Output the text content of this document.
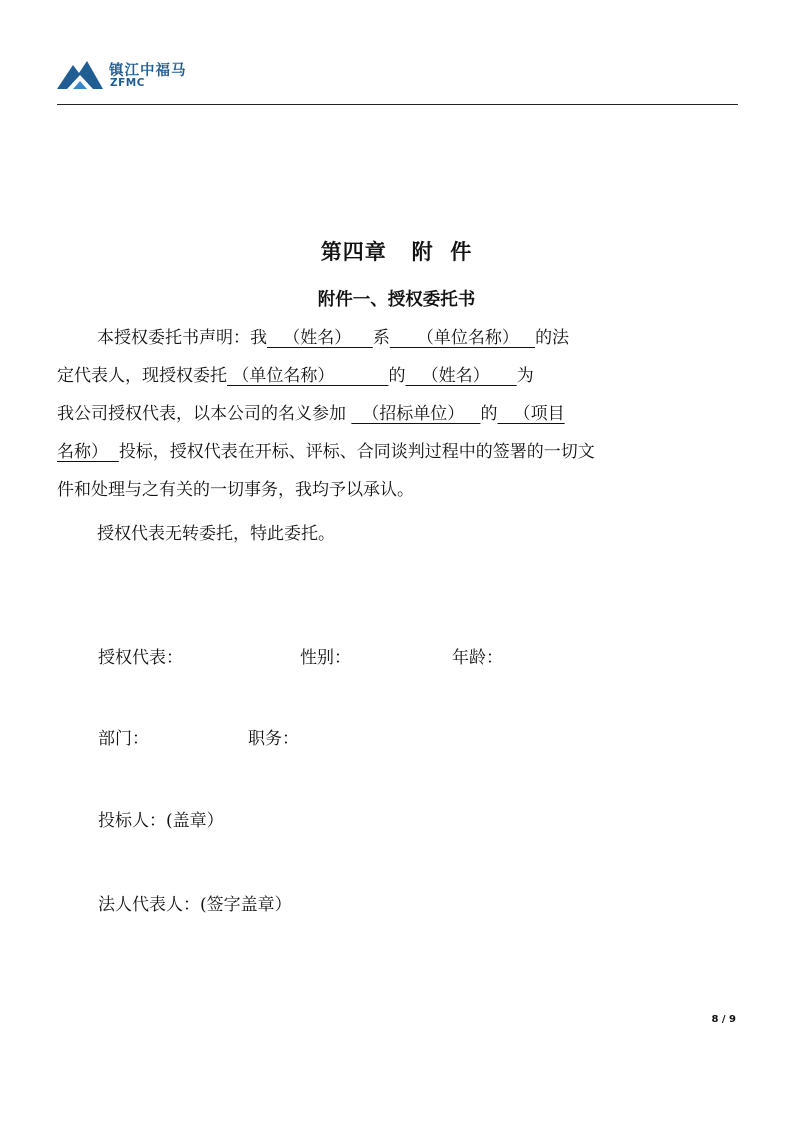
镇江中福马
ZFMC
第四章   附  件
附件一、授权委托书
本授权委托书声明：我   （姓名）    系     （单位名称）   的法
定代表人，现授权委托 （单位名称）          的   （姓名）     为
我公司授权代表，以本公司的名义参加   （招标单位）   的   （项目
名称）  投标，授权代表在开标、评标、合同谈判过程中的签署的一切文
件和处理与之有关的一切事务，我均予以承认。
授权代表无转委托，特此委托。
授权代表：	性别：	年龄：
部门：	职务：
投标人：(盖章）
法人代表人：(签字盖章）
8 / 9
